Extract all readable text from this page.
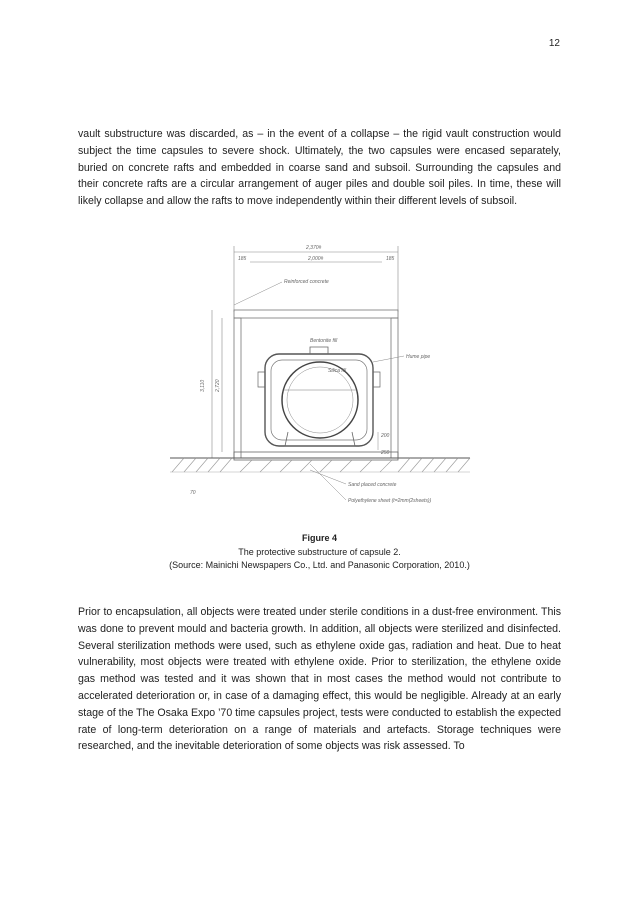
12

vault substructure was discarded, as – in the event of a collapse – the rigid vault construction would subject the time capsules to severe shock. Ultimately, the two capsules were encased separately, buried on concrete rafts and embedded in coarse sand and subsoil. Surrounding the capsules and their concrete rafts are a circular arrangement of auger piles and double soil piles. In time, these will likely collapse and allow the rafts to move independently within their different levels of subsoil.

2,370#
2,000#
185	185
Reinforced concrete
3,110 2,720
Bentonite fill
Silica fill
Hume pipe
200
250
Sand placed concrete
Polyethylene sheet (t=2mm(2sheets))
70
Figure 4
The protective substructure of capsule 2.
(Source: Mainichi Newspapers Co., Ltd. and Panasonic Corporation, 2010.)

Prior to encapsulation, all objects were treated under sterile conditions in a dust-free environment. This was done to prevent mould and bacteria growth. In addition, all objects were sterilized and disinfected. Several sterilization methods were used, such as ethylene oxide gas, radiation and heat. Due to heat vulnerability, most objects were treated with ethylene oxide. Prior to sterilization, the ethylene oxide gas method was tested and it was shown that in most cases the method would not contribute to accelerated deterioration or, in case of a damaging effect, this would be negligible. Already at an early stage of the The Osaka Expo ’70 time capsules project, tests were conducted to establish the expected rate of long-term deterioration on a range of materials and artefacts. Storage techniques were researched, and the inevitable deterioration of some objects was risk assessed. To
